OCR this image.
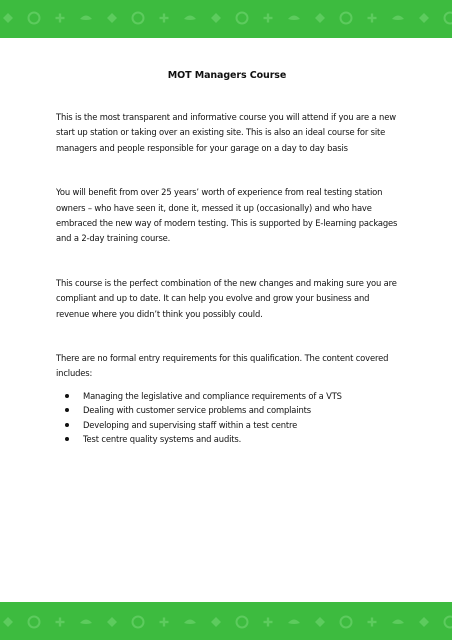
MOT Managers Course

This is the most transparent and informative course you will attend if you are a new start up station or taking over an existing site. This is also an ideal course for site managers and people responsible for your garage on a day to day basis

You will benefit from over 25 years’ worth of experience from real testing station owners – who have seen it, done it, messed it up (occasionally) and who have embraced the new way of modern testing. This is supported by E-learning packages and a 2-day training course.

This course is the perfect combination of the new changes and making sure you are compliant and up to date. It can help you evolve and grow your business and revenue where you didn’t think you possibly could.

There are no formal entry requirements for this qualification. The content covered includes:

Managing the legislative and compliance requirements of a VTS
Dealing with customer service problems and complaints
Developing and supervising staff within a test centre
Test centre quality systems and audits.
